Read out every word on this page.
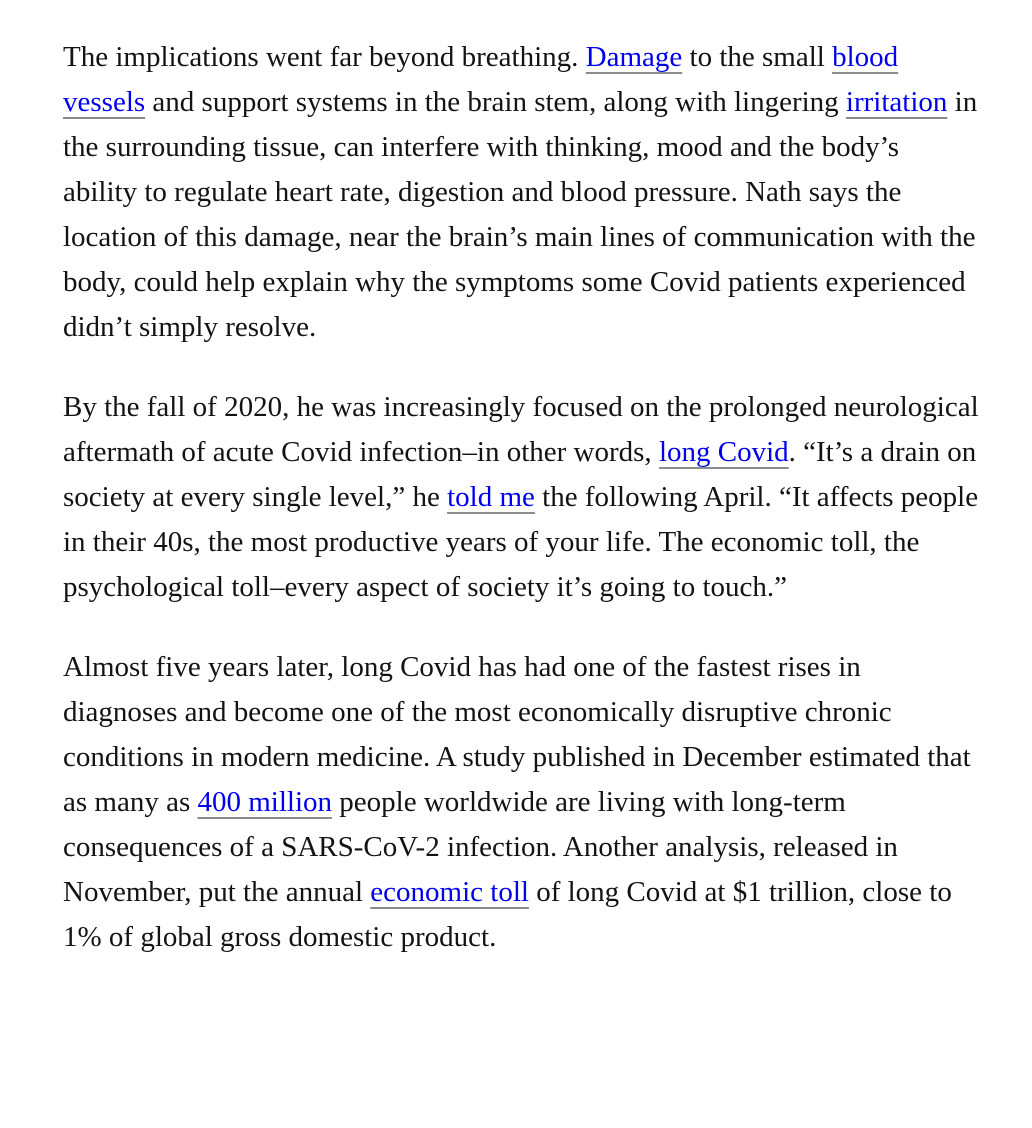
The implications went far beyond breathing. Damage to the small blood vessels and support systems in the brain stem, along with lingering irritation in the surrounding tissue, can interfere with thinking, mood and the body’s ability to regulate heart rate, digestion and blood pressure. Nath says the location of this damage, near the brain’s main lines of communication with the body, could help explain why the symptoms some Covid patients experienced didn’t simply resolve.

By the fall of 2020, he was increasingly focused on the prolonged neurological aftermath of acute Covid infection–in other words, long Covid. “It’s a drain on society at every single level,” he told me the following April. “It affects people in their 40s, the most productive years of your life. The economic toll, the psychological toll–every aspect of society it’s going to touch.”

Almost five years later, long Covid has had one of the fastest rises in diagnoses and become one of the most economically disruptive chronic conditions in modern medicine. A study published in December estimated that as many as 400 million people worldwide are living with long-term consequences of a SARS-CoV-2 infection. Another analysis, released in November, put the annual economic toll of long Covid at $1 trillion, close to 1% of global gross domestic product.
